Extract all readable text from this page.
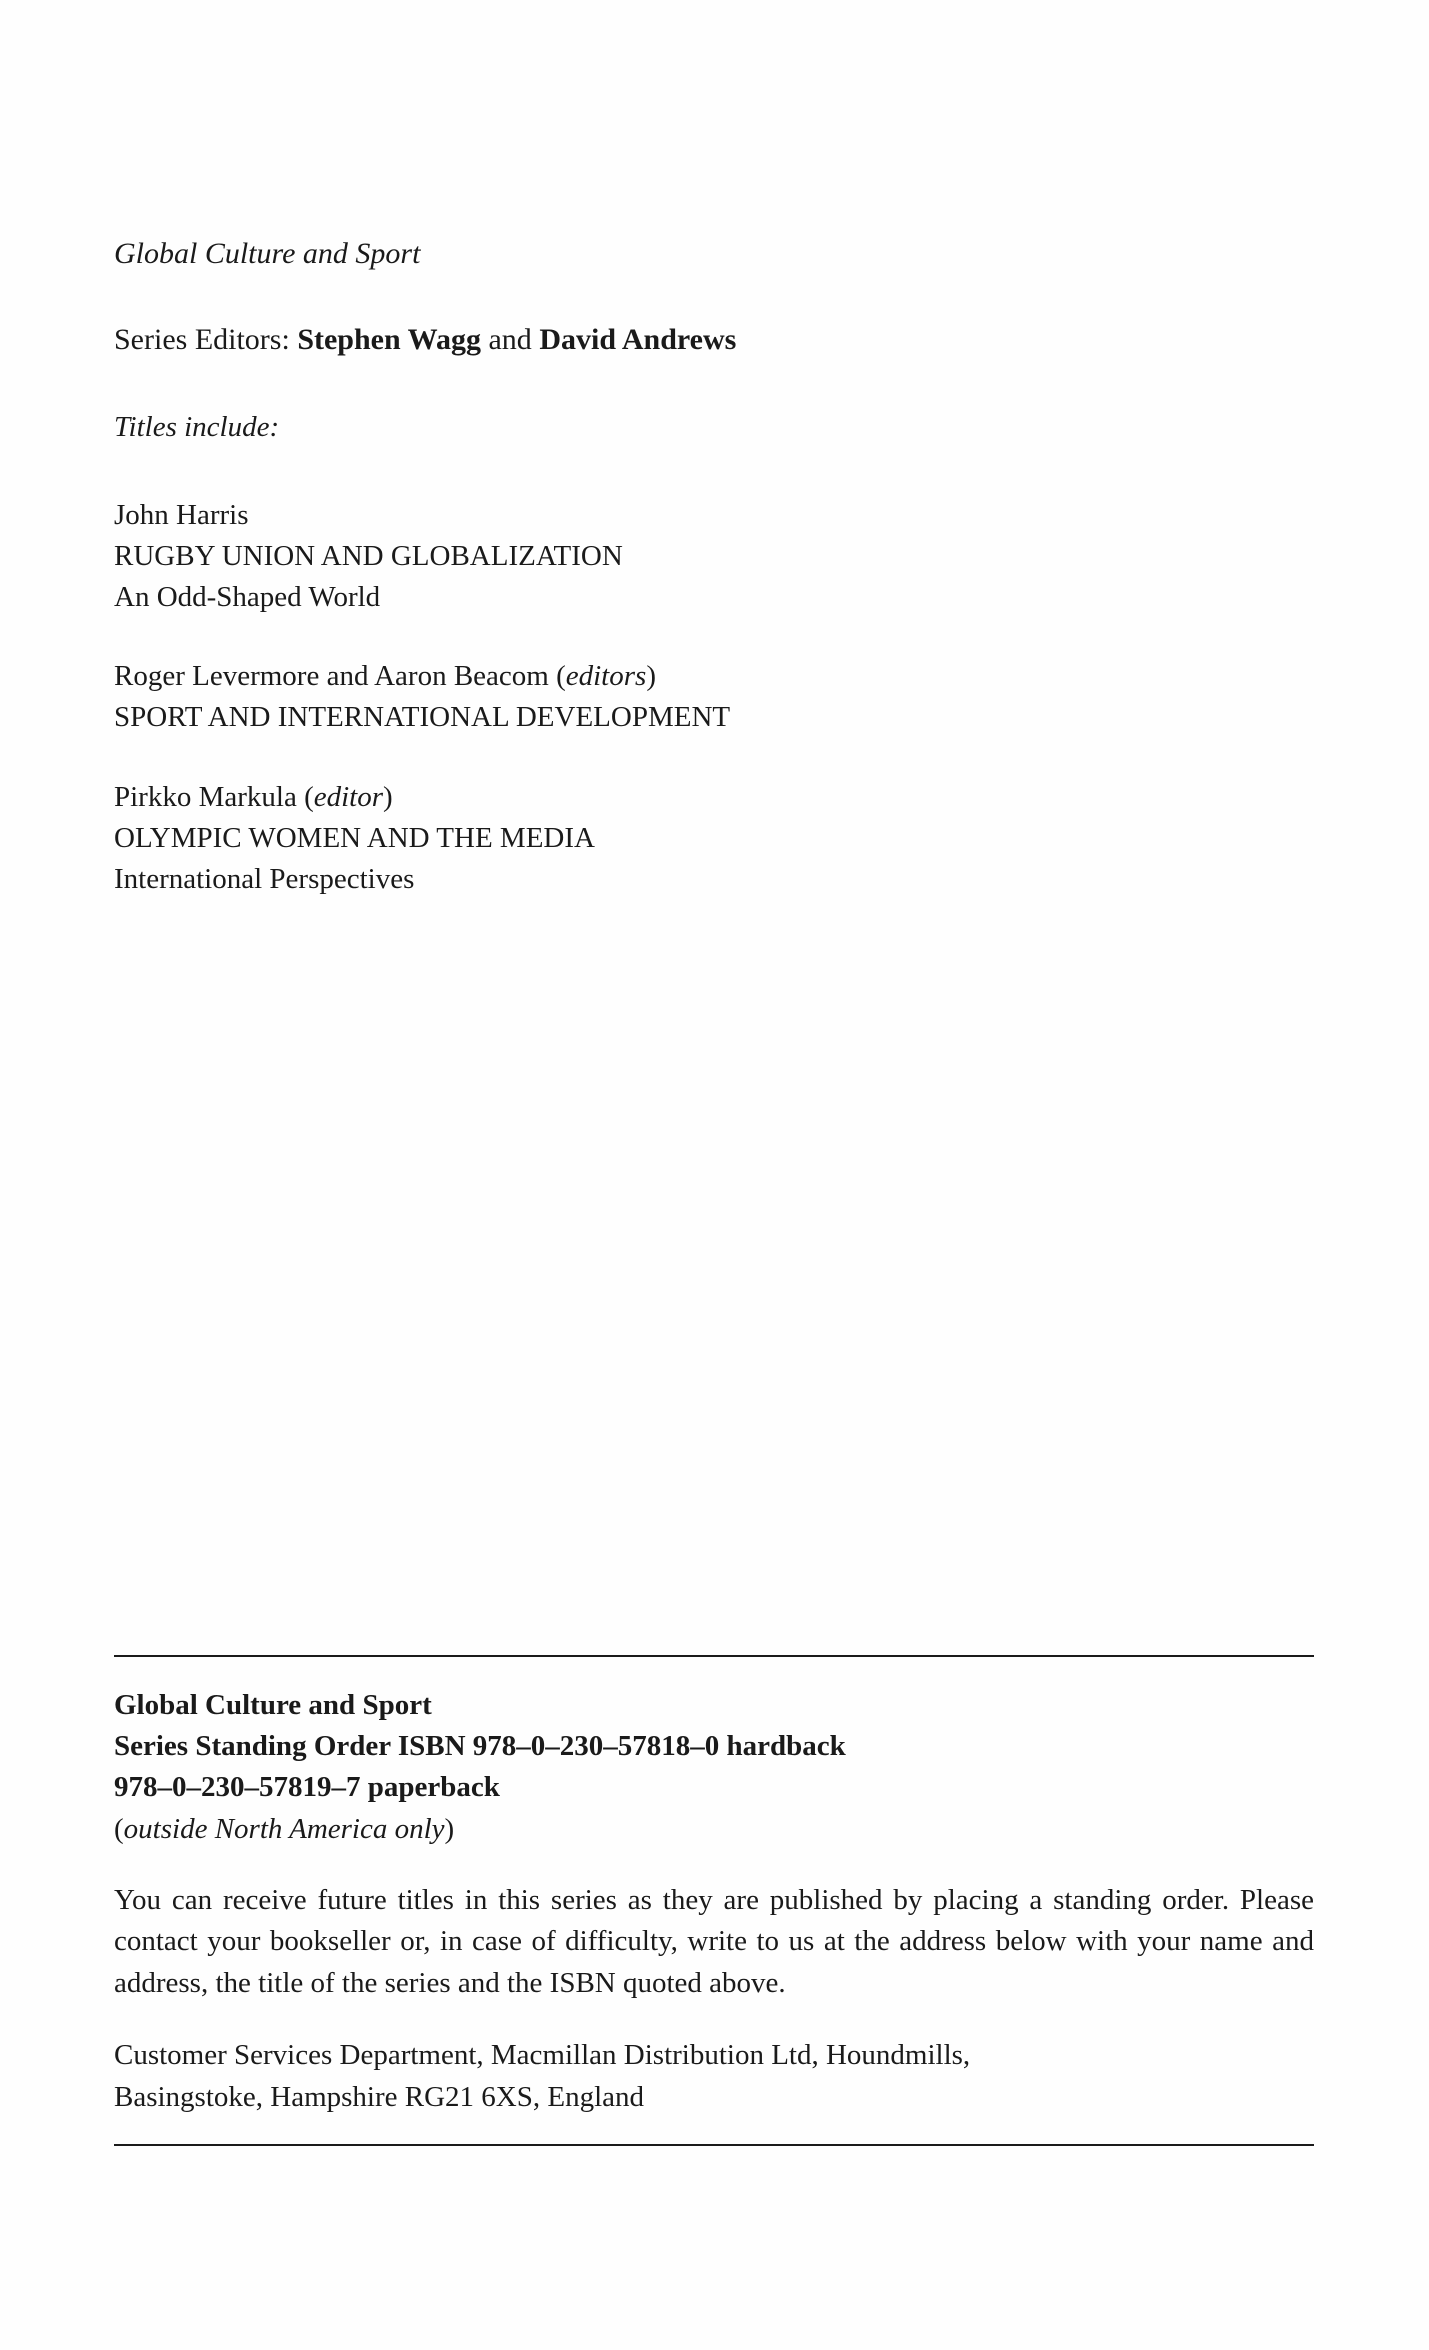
Global Culture and Sport
Series Editors: Stephen Wagg and David Andrews
Titles include:
John Harris
RUGBY UNION AND GLOBALIZATION
An Odd-Shaped World
Roger Levermore and Aaron Beacom (editors)
SPORT AND INTERNATIONAL DEVELOPMENT
Pirkko Markula (editor)
OLYMPIC WOMEN AND THE MEDIA
International Perspectives
Global Culture and Sport
Series Standing Order ISBN 978–0–230–57818–0 hardback
978–0–230–57819–7 paperback
(outside North America only)
You can receive future titles in this series as they are published by placing a standing order. Please contact your bookseller or, in case of difficulty, write to us at the address below with your name and address, the title of the series and the ISBN quoted above.
Customer Services Department, Macmillan Distribution Ltd, Houndmills,
Basingstoke, Hampshire RG21 6XS, England
